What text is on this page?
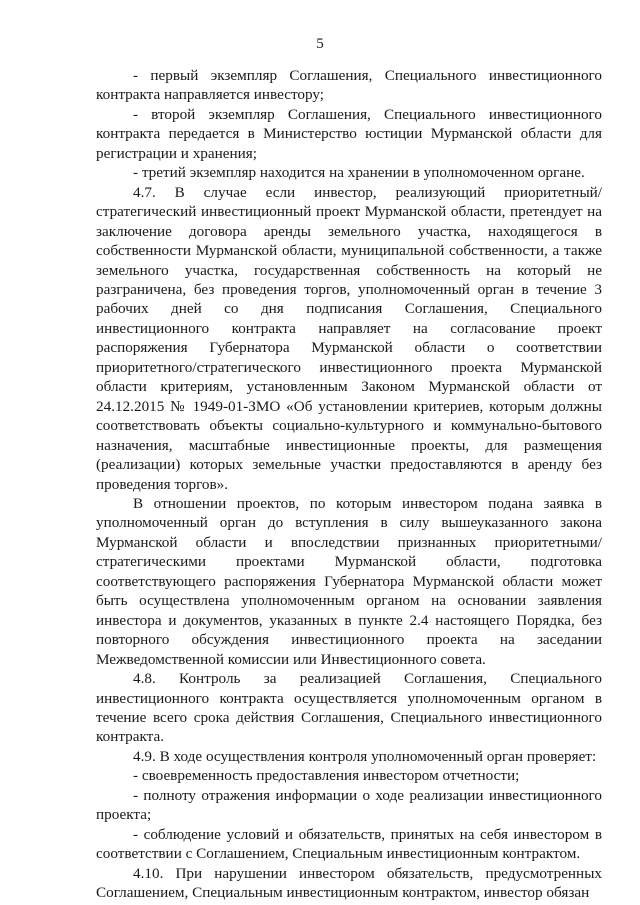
5

- первый экземпляр Соглашения, Специального инвестиционного контракта направляется инвестору;

- второй экземпляр Соглашения, Специального инвестиционного контракта передается в Министерство юстиции Мурманской области для регистрации и хранения;

- третий экземпляр находится на хранении в уполномоченном органе.

4.7. В случае если инвестор, реализующий приоритетный/стратегический инвестиционный проект Мурманской области, претендует на заключение договора аренды земельного участка, находящегося в собственности Мурманской области, муниципальной собственности, а также земельного участка, государственная собственность на который не разграничена, без проведения торгов, уполномоченный орган в течение 3 рабочих дней со дня подписания Соглашения, Специального инвестиционного контракта направляет на согласование проект распоряжения Губернатора Мурманской области о соответствии приоритетного/стратегического инвестиционного проекта Мурманской области критериям, установленным Законом Мурманской области от 24.12.2015 № 1949-01-ЗМО «Об установлении критериев, которым должны соответствовать объекты социально-культурного и коммунально-бытового назначения, масштабные инвестиционные проекты, для размещения (реализации) которых земельные участки предоставляются в аренду без проведения торгов».

В отношении проектов, по которым инвестором подана заявка в уполномоченный орган до вступления в силу вышеуказанного закона Мурманской области и впоследствии признанных приоритетными/стратегическими проектами Мурманской области, подготовка соответствующего распоряжения Губернатора Мурманской области может быть осуществлена уполномоченным органом на основании заявления инвестора и документов, указанных в пункте 2.4 настоящего Порядка, без повторного обсуждения инвестиционного проекта на заседании Межведомственной комиссии или Инвестиционного совета.

4.8. Контроль за реализацией Соглашения, Специального инвестиционного контракта осуществляется уполномоченным органом в течение всего срока действия Соглашения, Специального инвестиционного контракта.

4.9. В ходе осуществления контроля уполномоченный орган проверяет:

- своевременность предоставления инвестором отчетности;

- полноту отражения информации о ходе реализации инвестиционного проекта;

- соблюдение условий и обязательств, принятых на себя инвестором в соответствии с Соглашением, Специальным инвестиционным контрактом.

4.10. При нарушении инвестором обязательств, предусмотренных Соглашением, Специальным инвестиционным контрактом, инвестор обязан
